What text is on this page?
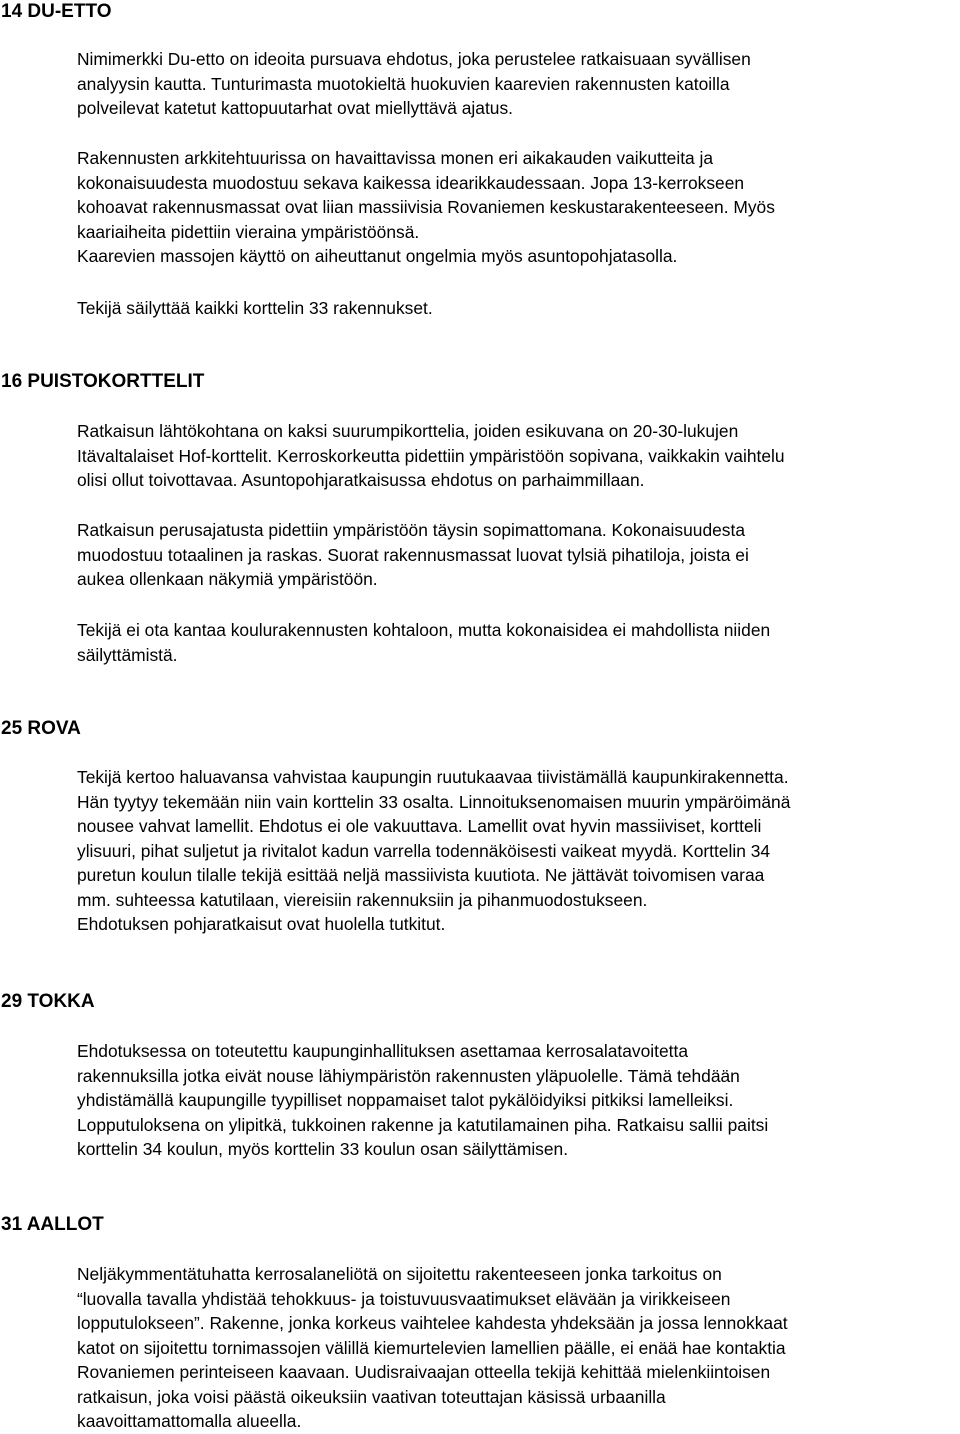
14 DU-ETTO
Nimimerkki Du-etto on ideoita pursuava ehdotus, joka perustelee ratkaisuaan syvällisen
analyysin kautta. Tunturimasta muotokieltä huokuvien kaarevien rakennusten katoilla
polveilevat katetut kattopuutarhat ovat miellyttävä ajatus.
Rakennusten arkkitehtuurissa on havaittavissa monen eri aikakauden vaikutteita ja
kokonaisuudesta muodostuu sekava kaikessa idearikkaudessaan. Jopa 13-kerrokseen
kohoavat rakennusmassat ovat liian massiivisia Rovaniemen keskustarakenteeseen. Myös
kaariaiheita pidettiin vieraina ympäristöönsä.
Kaarevien massojen käyttö on aiheuttanut ongelmia myös asuntopohjatasolla.
Tekijä säilyttää kaikki korttelin 33 rakennukset.
16 PUISTOKORTTELIT
Ratkaisun lähtökohtana on kaksi suurumpikorttelia, joiden esikuvana on 20-30-lukujen
Itävaltalaiset Hof-korttelit. Kerroskorkeutta pidettiin ympäristöön sopivana, vaikkakin vaihtelu
olisi ollut toivottavaa. Asuntopohjaratkaisussa ehdotus on parhaimmillaan.
Ratkaisun perusajatusta pidettiin ympäristöön täysin sopimattomana. Kokonaisuudesta
muodostuu totaalinen ja raskas. Suorat rakennusmassat luovat tylsiä pihatiloja, joista ei
aukea ollenkaan näkymiä ympäristöön.
Tekijä ei ota kantaa koulurakennusten kohtaloon, mutta kokonaisidea ei mahdollista niiden
säilyttämistä.
25 ROVA
Tekijä kertoo haluavansa vahvistaa kaupungin ruutukaavaa tiivistämällä kaupunkirakennetta.
Hän tyytyy tekemään niin vain korttelin 33 osalta. Linnoituksenomaisen muurin ympäröimänä
nousee vahvat lamellit. Ehdotus ei ole vakuuttava. Lamellit ovat hyvin massiiviset, kortteli
ylisuuri, pihat suljetut ja rivitalot kadun varrella todennäköisesti vaikeat myydä. Korttelin 34
puretun koulun tilalle tekijä esittää neljä massiivista kuutiota. Ne jättävät toivomisen varaa
mm. suhteessa katutilaan, viereisiin rakennuksiin ja pihanmuodostukseen.
Ehdotuksen pohjaratkaisut ovat huolella tutkitut.
29 TOKKA
Ehdotuksessa on toteutettu kaupunginhallituksen asettamaa kerrosalatavoitetta
rakennuksilla jotka eivät nouse lähiympäristön rakennusten yläpuolelle. Tämä tehdään
yhdistämällä kaupungille tyypilliset noppamaiset talot pykälöidyiksi pitkiksi lamelleiksi.
Lopputuloksena on ylipitkä, tukkoinen rakenne ja katutilamainen piha. Ratkaisu sallii paitsi
korttelin 34 koulun, myös korttelin 33 koulun osan säilyttämisen.
31 AALLOT
Neljäkymmentätuhatta kerrosalaneliötä on sijoitettu rakenteeseen jonka tarkoitus on
“luovalla tavalla yhdistää tehokkuus- ja toistuvuusvaatimukset elävään ja virikkeiseen
lopputulokseen”. Rakenne, jonka korkeus vaihtelee kahdesta yhdeksään ja jossa lennokkaat
katot on sijoitettu tornimassojen välillä kiemurtelevien lamellien päälle, ei enää hae kontaktia
Rovaniemen perinteiseen kaavaan. Uudisraivaajan otteella tekijä kehittää mielenkiintoisen
ratkaisun, joka voisi päästä oikeuksiin vaativan toteuttajan käsissä urbaanilla
kaavoittamattomalla alueella.
